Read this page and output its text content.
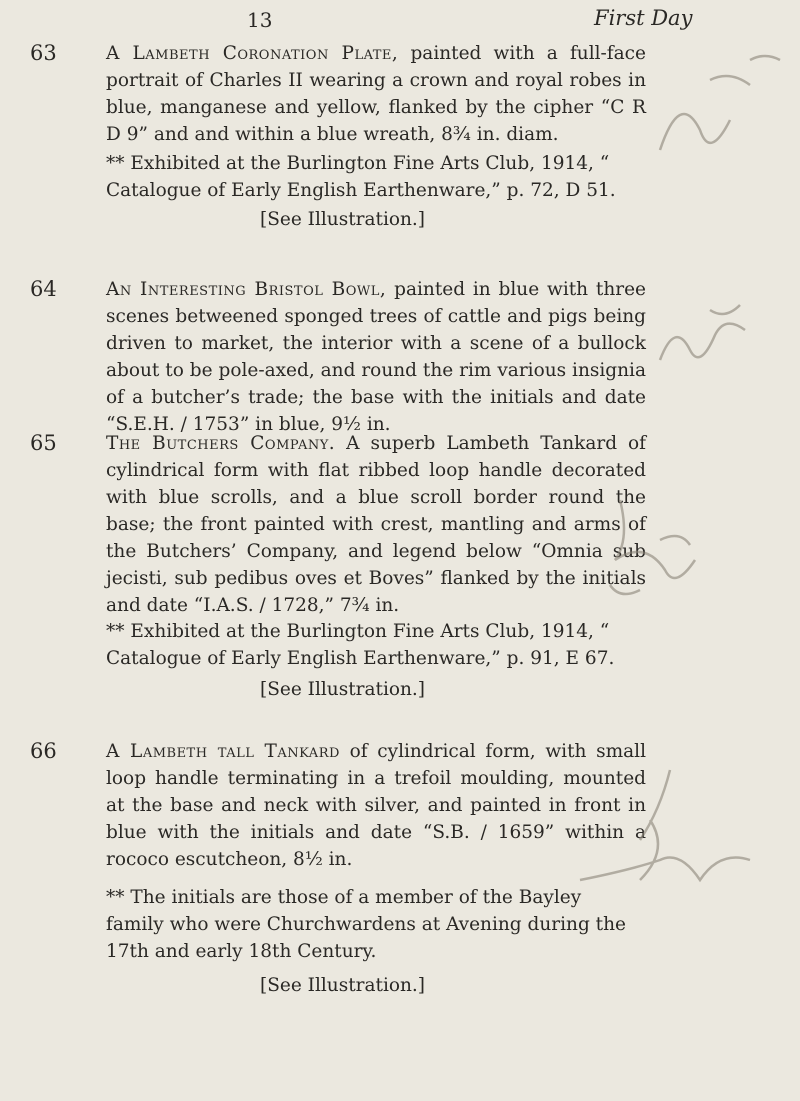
13	First Day
63	A Lambeth Coronation Plate, painted with a full-face portrait of Charles II wearing a crown and royal robes in blue, manganese and yellow, flanked by the cipher “C R D 9” and and within a blue wreath, 8¾ in. diam.
** Exhibited at the Burlington Fine Arts Club, 1914, “ Catalogue of Early English Earthenware,” p. 72, D 51.
[See Illustration.]
64	An Interesting Bristol Bowl, painted in blue with three scenes betweened sponged trees of cattle and pigs being driven to market, the interior with a scene of a bullock about to be pole-axed, and round the rim various insignia of a butcher’s trade; the base with the initials and date “S.E.H. / 1753” in blue, 9½ in.
65	The Butchers Company. A superb Lambeth Tankard of cylindrical form with flat ribbed loop handle decorated with blue scrolls, and a blue scroll border round the base; the front painted with crest, mantling and arms of the Butchers’ Company, and legend below “Omnia sub jecisti, sub pedibus oves et Boves” flanked by the initials and date “I.A.S. / 1728,” 7¾ in.
** Exhibited at the Burlington Fine Arts Club, 1914, “ Catalogue of Early English Earthenware,” p. 91, E 67.
[See Illustration.]
66	A Lambeth tall Tankard of cylindrical form, with small loop handle terminating in a trefoil moulding, mounted at the base and neck with silver, and painted in front in blue with the initials and date “S.B. / 1659” within a rococo escutcheon, 8½ in.
** The initials are those of a member of the Bayley family who were Churchwardens at Avening during the 17th and early 18th Century.
[See Illustration.]
